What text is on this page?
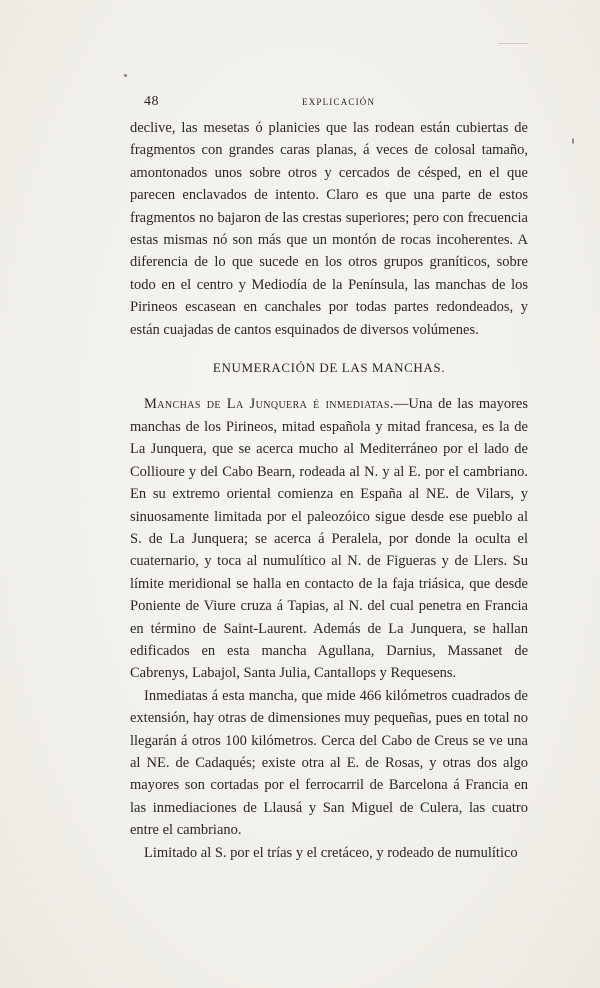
48	EXPLICACIÓN

declive, las mesetas ó planicies que las rodean están cubiertas de fragmentos con grandes caras planas, á veces de colosal tamaño, amontonados unos sobre otros y cercados de césped, en el que parecen enclavados de intento. Claro es que una parte de estos fragmentos no bajaron de las crestas superiores; pero con frecuencia estas mismas nó son más que un montón de rocas incoherentes. A diferencia de lo que sucede en los otros grupos graníticos, sobre todo en el centro y Mediodía de la Península, las manchas de los Pirineos escasean en canchales por todas partes redondeados, y están cuajadas de cantos esquinados de diversos volúmenes.

ENUMERACIÓN DE LAS MANCHAS.

Manchas de La Junquera é inmediatas.—Una de las mayores manchas de los Pirineos, mitad española y mitad francesa, es la de La Junquera, que se acerca mucho al Mediterráneo por el lado de Collioure y del Cabo Bearn, rodeada al N. y al E. por el cambriano. En su extremo oriental comienza en España al NE. de Vilars, y sinuosamente limitada por el paleozóico sigue desde ese pueblo al S. de La Junquera; se acerca á Peralela, por donde la oculta el cuaternario, y toca al numulítico al N. de Figueras y de Llers. Su límite meridional se halla en contacto de la faja triásica, que desde Poniente de Viure cruza á Tapias, al N. del cual penetra en Francia en término de Saint-Laurent. Además de La Junquera, se hallan edificados en esta mancha Agullana, Darnius, Massanet de Cabrenys, Labajol, Santa Julia, Cantallops y Requesens.

Inmediatas á esta mancha, que mide 466 kilómetros cuadrados de extensión, hay otras de dimensiones muy pequeñas, pues en total no llegarán á otros 100 kilómetros. Cerca del Cabo de Creus se ve una al NE. de Cadaqués; existe otra al E. de Rosas, y otras dos algo mayores son cortadas por el ferrocarril de Barcelona á Francia en las inmediaciones de Llausá y San Miguel de Culera, las cuatro entre el cambriano.

Limitado al S. por el trías y el cretáceo, y rodeado de numulítico
